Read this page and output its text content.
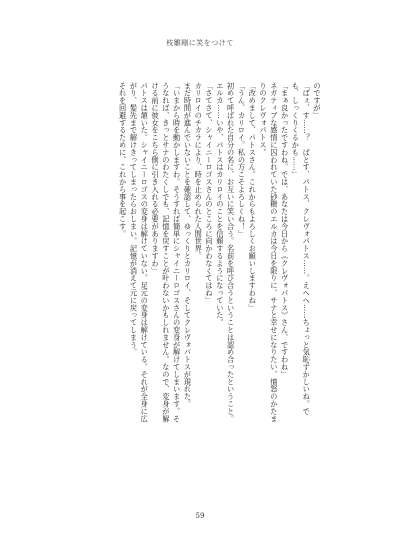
枝雛剛に笑をつけて

のですが」

「ぱぇ、す……？　ぱとす、パトス、クレヴォパトス……。えへへ……ちょっと気恥ずかしいね。でも、しっくりくるかも……」

「まぁ良かったですわね。では、あなたは今日から《クレヴォパトス》さん、ですわね」

ネガティブな感情に囚われていた砂糖のエルカは今日を限りに、サナと幸せになりたい、憤怒のかたまりのクレヴォパトス。

「改めまして、パトスさん。これからもよろしくお願いしますわね」

「うん、カリロイ。私の方こそよろしくね！」

初めて呼ばれた自分の名に、お互いに笑い合う。名前を呼び合うということは認め合ったということ。エルカ……いや、パトスはカリロイのことを信頼するようになっていた。

「さてさて、シャイニーロゴスさんのところに向かわなくてはね」

カリロイのチカラにより、時を止められた人間世界。

まだ時間が進んでいないことを確認して、ゆっくりとカリロイ、そしてクレヴォパトスが現れた。

「いまから時を動かしますわ。そうすれば簡単にシャイニーロゴスさんの変身が解けてしまいます。そうなれば、きっとサナのわたくしでも、記憶を戻すことが叶わないかもしれません。なので、変身が解ける前に彼女をこちら側に引き入れる必要がありますわ」

パトスは頷いた。シャイニーロゴスの変身は解けていない。足元の変身は解けている。それが全身に広がり、髪先まで解けきってしまったらおしまい。記憶が消えて元に戻ってしまう。

それを回避するために、これから事を起こす。

59
